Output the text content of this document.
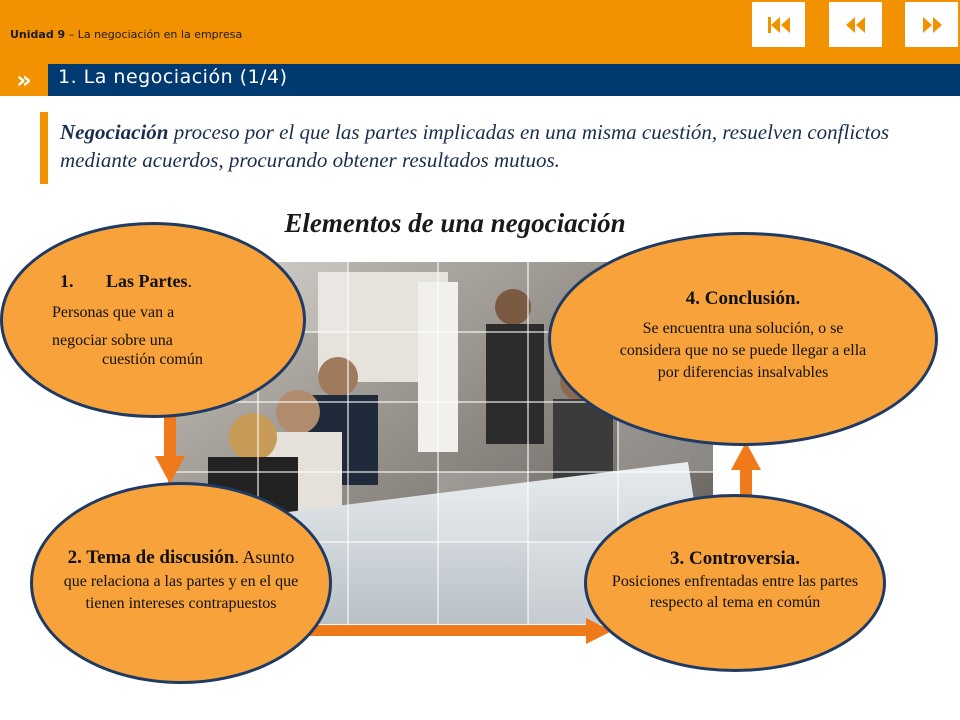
Unidad 9 – La negociación en la empresa
»	1. La negociación (1/4)
Negociación proceso por el que las partes implicadas en una misma cuestión, resuelven conflictos mediante acuerdos, procurando obtener resultados mutuos.
Elementos de una negociación
1. Las Partes.
Personas que van a
negociar sobre una
cuestión común
2. Tema de discusión. Asunto que relaciona a las partes y en el que tienen intereses contrapuestos
3. Controversia.
Posiciones enfrentadas entre las partes respecto al tema en común
4. Conclusión.
Se encuentra una solución, o se considera que no se puede llegar a ella por diferencias insalvables
